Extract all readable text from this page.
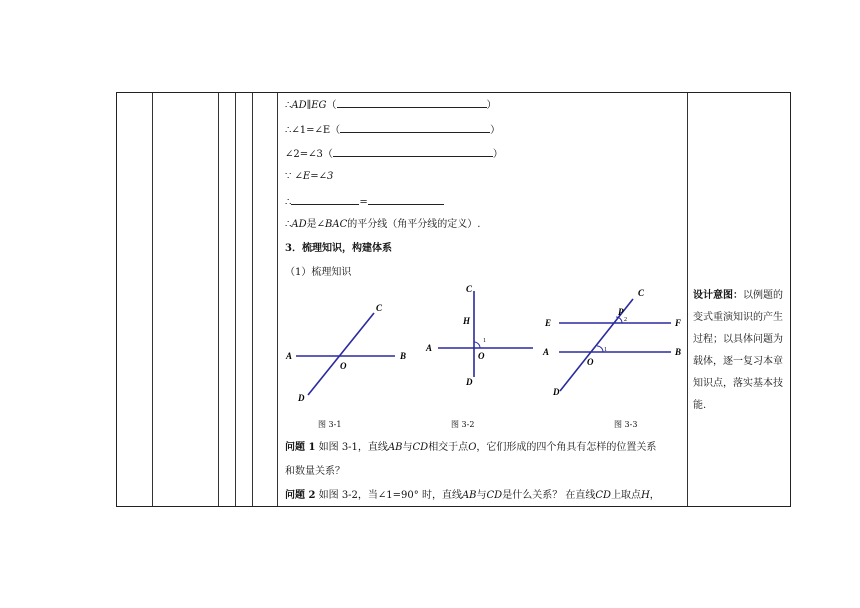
∴AD∥EG（	）
∴∠1=∠E（	）
∠2=∠3（	）
∵ ∠E=∠3
∴	=
∴AD是∠BAC的平分线（角平分线的定义）.
3．梳理知识，构建体系
（1）梳理知识
A	B
C
D
O
A
C
D
H
O
1
A	B
C
D
E	F
O
P
1
2
图 3-1	图 3-2	图 3-3
问题 1 如图 3-1，直线AB与CD相交于点O，它们形成的四个角具有怎样的位置关系
和数量关系？
问题 2 如图 3-2，当∠1=90° 时，直线AB与CD是什么关系？ 在直线CD上取点H，
设计意图：以例题的变式重演知识的产生过程；以具体问题为载体，逐一复习本章知识点，落实基本技能.
